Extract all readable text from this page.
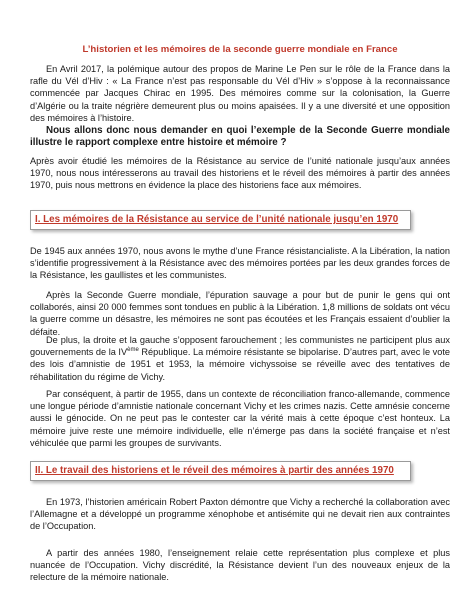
L’historien et les mémoires de la seconde guerre mondiale en France
En Avril 2017, la polémique autour des propos de Marine Le Pen sur le rôle de la France dans la rafle du Vél d’Hiv : « La France n’est pas responsable du Vél d’Hiv » s’oppose à la reconnaissance commencée par Jacques Chirac en 1995. Des mémoires comme sur la colonisation, la Guerre d’Algérie ou la traite négrière demeurent plus ou moins apaisées. Il y a une diversité et une opposition des mémoires à l’histoire.
Nous allons donc nous demander en quoi l’exemple de la Seconde Guerre mondiale illustre le rapport complexe entre histoire et mémoire ?
Après avoir étudié les mémoires de la Résistance au service de l’unité nationale jusqu’aux années 1970, nous nous intéresserons au travail des historiens et le réveil des mémoires à partir des années 1970, puis nous mettrons en évidence la place des historiens face aux mémoires.
I. Les mémoires de la Résistance au service de l’unité nationale jusqu’en 1970
De 1945 aux années 1970, nous avons le mythe d’une France résistancialiste. A la Libération, la nation s’identifie progressivement à la Résistance avec des mémoires portées par les deux grandes forces de la Résistance, les gaullistes et les communistes.
Après la Seconde Guerre mondiale, l’épuration sauvage a pour but de punir le gens qui ont collaborés, ainsi 20 000 femmes sont tondues en public à la Libération. 1,8 millions de soldats ont vécu la guerre comme un désastre, les mémoires ne sont pas écoutées et les Français essaient d’oublier la défaite.
De plus, la droite et la gauche s’opposent farouchement ; les communistes ne participent plus aux gouvernements de la IVème République. La mémoire résistante se bipolarise. D’autres part, avec le vote des lois d’amnistie de 1951 et 1953, la mémoire vichyssoise se réveille avec des tentatives de réhabilitation du régime de Vichy.
Par conséquent, à partir de 1955, dans un contexte de réconciliation franco-allemande, commence une longue période d’amnistie nationale concernant Vichy et les crimes nazis. Cette amnésie concerne aussi le génocide. On ne peut pas le contester car la vérité mais à cette époque c’est honteux. La mémoire juive reste une mémoire individuelle, elle n’émerge pas dans la société française et n’est véhiculée que parmi les groupes de survivants.
II. Le travail des historiens et le réveil des mémoires à partir des années 1970
En 1973, l’historien américain Robert Paxton démontre que Vichy a recherché la collaboration avec l’Allemagne et a développé un programme xénophobe et antisémite qui ne devait rien aux contraintes de l’Occupation.
A partir des années 1980, l’enseignement relaie cette représentation plus complexe et plus nuancée de l’Occupation. Vichy discrédité, la Résistance devient l’un des nouveaux enjeux de la relecture de la mémoire nationale.
